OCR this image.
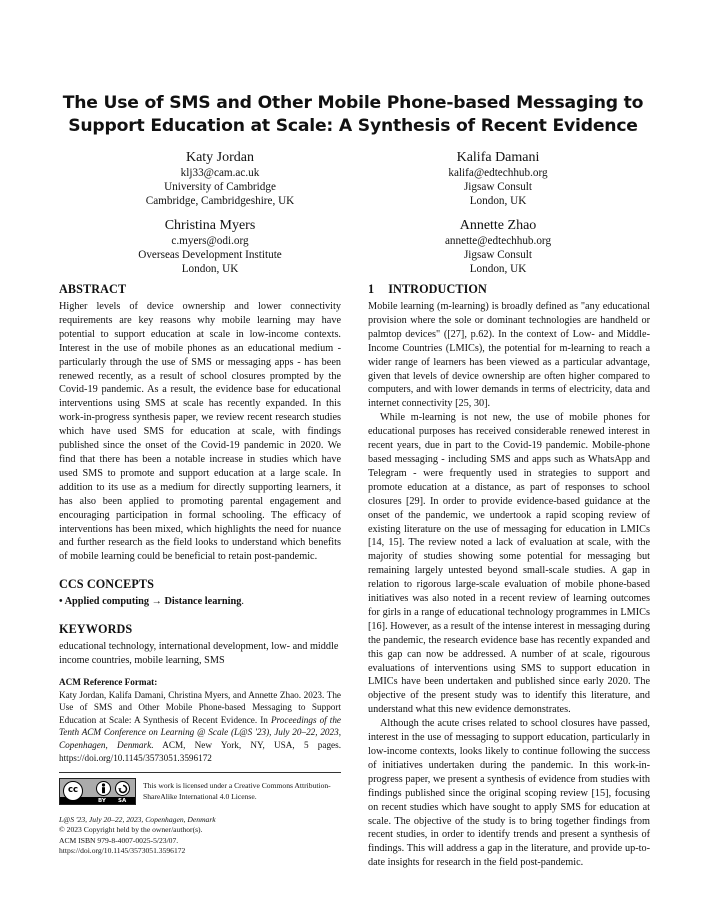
The Use of SMS and Other Mobile Phone-based Messaging to
Support Education at Scale: A Synthesis of Recent Evidence
Katy Jordan
klj33@cam.ac.uk
University of Cambridge
Cambridge, Cambridgeshire, UK
Kalifa Damani
kalifa@edtechhub.org
Jigsaw Consult
London, UK
Christina Myers
c.myers@odi.org
Overseas Development Institute
London, UK
Annette Zhao
annette@edtechhub.org
Jigsaw Consult
London, UK
ABSTRACT

Higher levels of device ownership and lower connectivity requirements are key reasons why mobile learning may have potential to support education at scale in low-income contexts. Interest in the use of mobile phones as an educational medium - particularly through the use of SMS or messaging apps - has been renewed recently, as a result of school closures prompted by the Covid-19 pandemic. As a result, the evidence base for educational interventions using SMS at scale has recently expanded. In this work-in-progress synthesis paper, we review recent research studies which have used SMS for education at scale, with findings published since the onset of the Covid-19 pandemic in 2020. We find that there has been a notable increase in studies which have used SMS to promote and support education at a large scale. In addition to its use as a medium for directly supporting learners, it has also been applied to promoting parental engagement and encouraging participation in formal schooling. The efficacy of interventions has been mixed, which highlights the need for nuance and further research as the field looks to understand which benefits of mobile learning could be beneficial to retain post-pandemic.

CCS CONCEPTS

• Applied computing → Distance learning.

KEYWORDS

educational technology, international development, low- and middle income countries, mobile learning, SMS

ACM Reference Format:
Katy Jordan, Kalifa Damani, Christina Myers, and Annette Zhao. 2023. The Use of SMS and Other Mobile Phone-based Messaging to Support Education at Scale: A Synthesis of Recent Evidence. In Proceedings of the Tenth ACM Conference on Learning @ Scale (L@S '23), July 20–22, 2023, Copenhagen, Denmark. ACM, New York, NY, USA, 5 pages. https://doi.org/10.1145/3573051.3596172
cc
BY SA
This work is licensed under a Creative Commons Attribution-ShareAlike International 4.0 License.
L@S '23, July 20–22, 2023, Copenhagen, Denmark
© 2023 Copyright held by the owner/author(s).
ACM ISBN 979-8-4007-0025-5/23/07.
https://doi.org/10.1145/3573051.3596172
1 INTRODUCTION

Mobile learning (m-learning) is broadly defined as "any educational provision where the sole or dominant technologies are handheld or palmtop devices" ([27], p.62). In the context of Low- and Middle-Income Countries (LMICs), the potential for m-learning to reach a wider range of learners has been viewed as a particular advantage, given that levels of device ownership are often higher compared to computers, and with lower demands in terms of electricity, data and internet connectivity [25, 30].

While m-learning is not new, the use of mobile phones for educational purposes has received considerable renewed interest in recent years, due in part to the Covid-19 pandemic. Mobile-phone based messaging - including SMS and apps such as WhatsApp and Telegram - were frequently used in strategies to support and promote education at a distance, as part of responses to school closures [29]. In order to provide evidence-based guidance at the onset of the pandemic, we undertook a rapid scoping review of existing literature on the use of messaging for education in LMICs [14, 15]. The review noted a lack of evaluation at scale, with the majority of studies showing some potential for messaging but remaining largely untested beyond small-scale studies. A gap in relation to rigorous large-scale evaluation of mobile phone-based initiatives was also noted in a recent review of learning outcomes for girls in a range of educational technology programmes in LMICs [16]. However, as a result of the intense interest in messaging during the pandemic, the research evidence base has recently expanded and this gap can now be addressed. A number of at scale, rigourous evaluations of interventions using SMS to support education in LMICs have been undertaken and published since early 2020. The objective of the present study was to identify this literature, and understand what this new evidence demonstrates.

Although the acute crises related to school closures have passed, interest in the use of messaging to support education, particularly in low-income contexts, looks likely to continue following the success of initiatives undertaken during the pandemic. In this work-in-progress paper, we present a synthesis of evidence from studies with findings published since the original scoping review [15], focusing on recent studies which have sought to apply SMS for education at scale. The objective of the study is to bring together findings from recent studies, in order to identify trends and present a synthesis of findings. This will address a gap in the literature, and provide up-to-date insights for research in the field post-pandemic.
